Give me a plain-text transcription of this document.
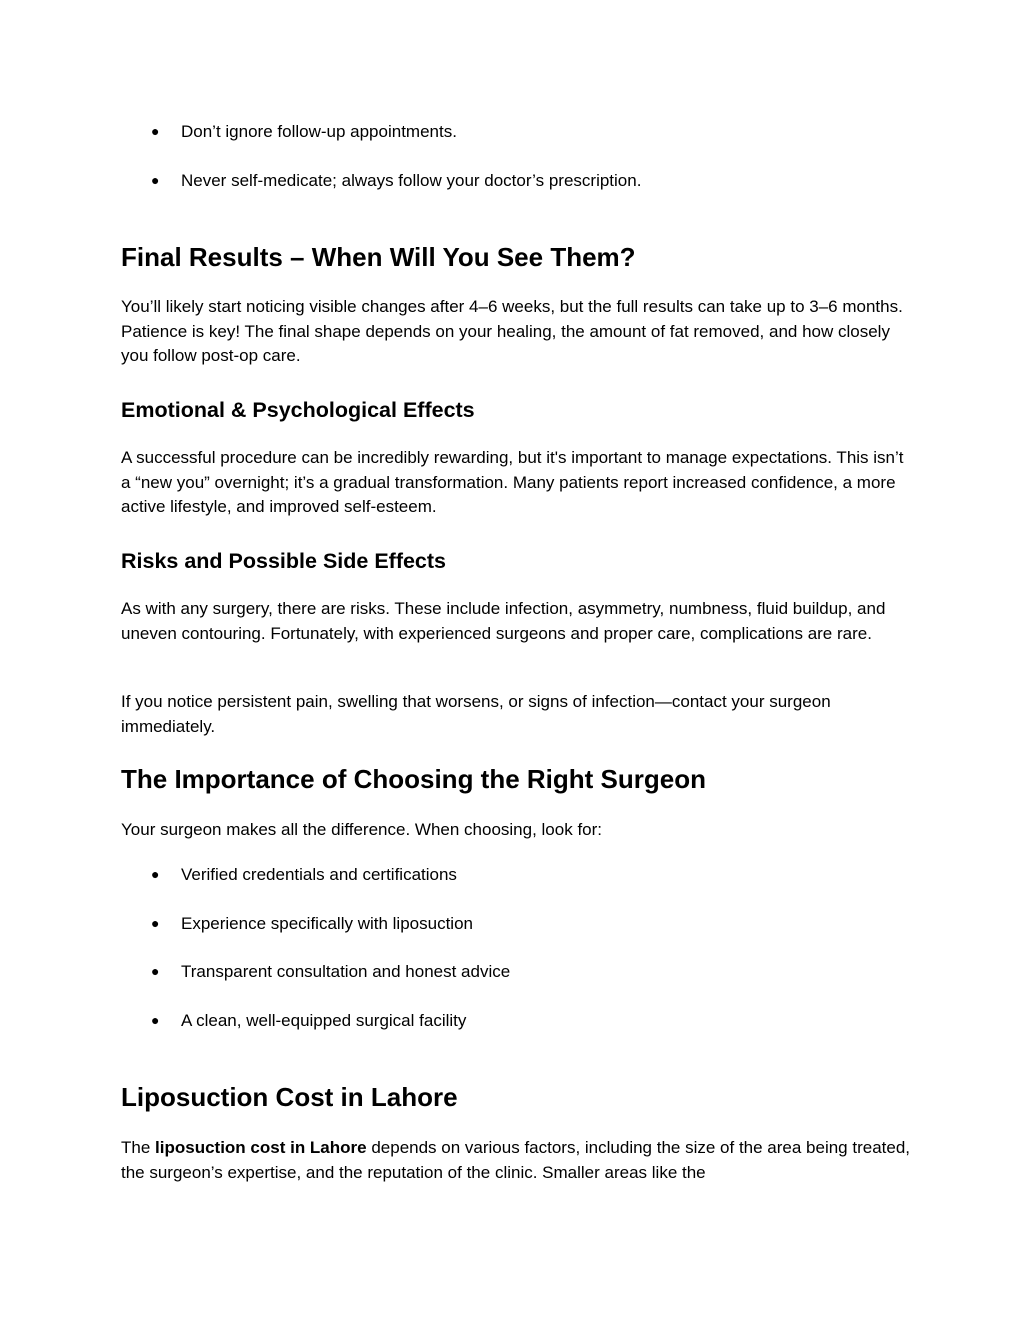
● Don’t ignore follow-up appointments.
● Never self-medicate; always follow your doctor’s prescription.
Final Results – When Will You See Them?

You’ll likely start noticing visible changes after 4–6 weeks, but the full results can take up to 3–6 months. Patience is key! The final shape depends on your healing, the amount of fat removed, and how closely you follow post-op care.

Emotional & Psychological Effects

A successful procedure can be incredibly rewarding, but it's important to manage expectations. This isn’t a “new you” overnight; it’s a gradual transformation. Many patients report increased confidence, a more active lifestyle, and improved self-esteem.

Risks and Possible Side Effects

As with any surgery, there are risks. These include infection, asymmetry, numbness, fluid buildup, and uneven contouring. Fortunately, with experienced surgeons and proper care, complications are rare.

If you notice persistent pain, swelling that worsens, or signs of infection—contact your surgeon immediately.

The Importance of Choosing the Right Surgeon

Your surgeon makes all the difference. When choosing, look for:

● Verified credentials and certifications
● Experience specifically with liposuction
● Transparent consultation and honest advice
● A clean, well-equipped surgical facility
Liposuction Cost in Lahore

The liposuction cost in Lahore depends on various factors, including the size of the area being treated, the surgeon’s expertise, and the reputation of the clinic. Smaller areas like the
